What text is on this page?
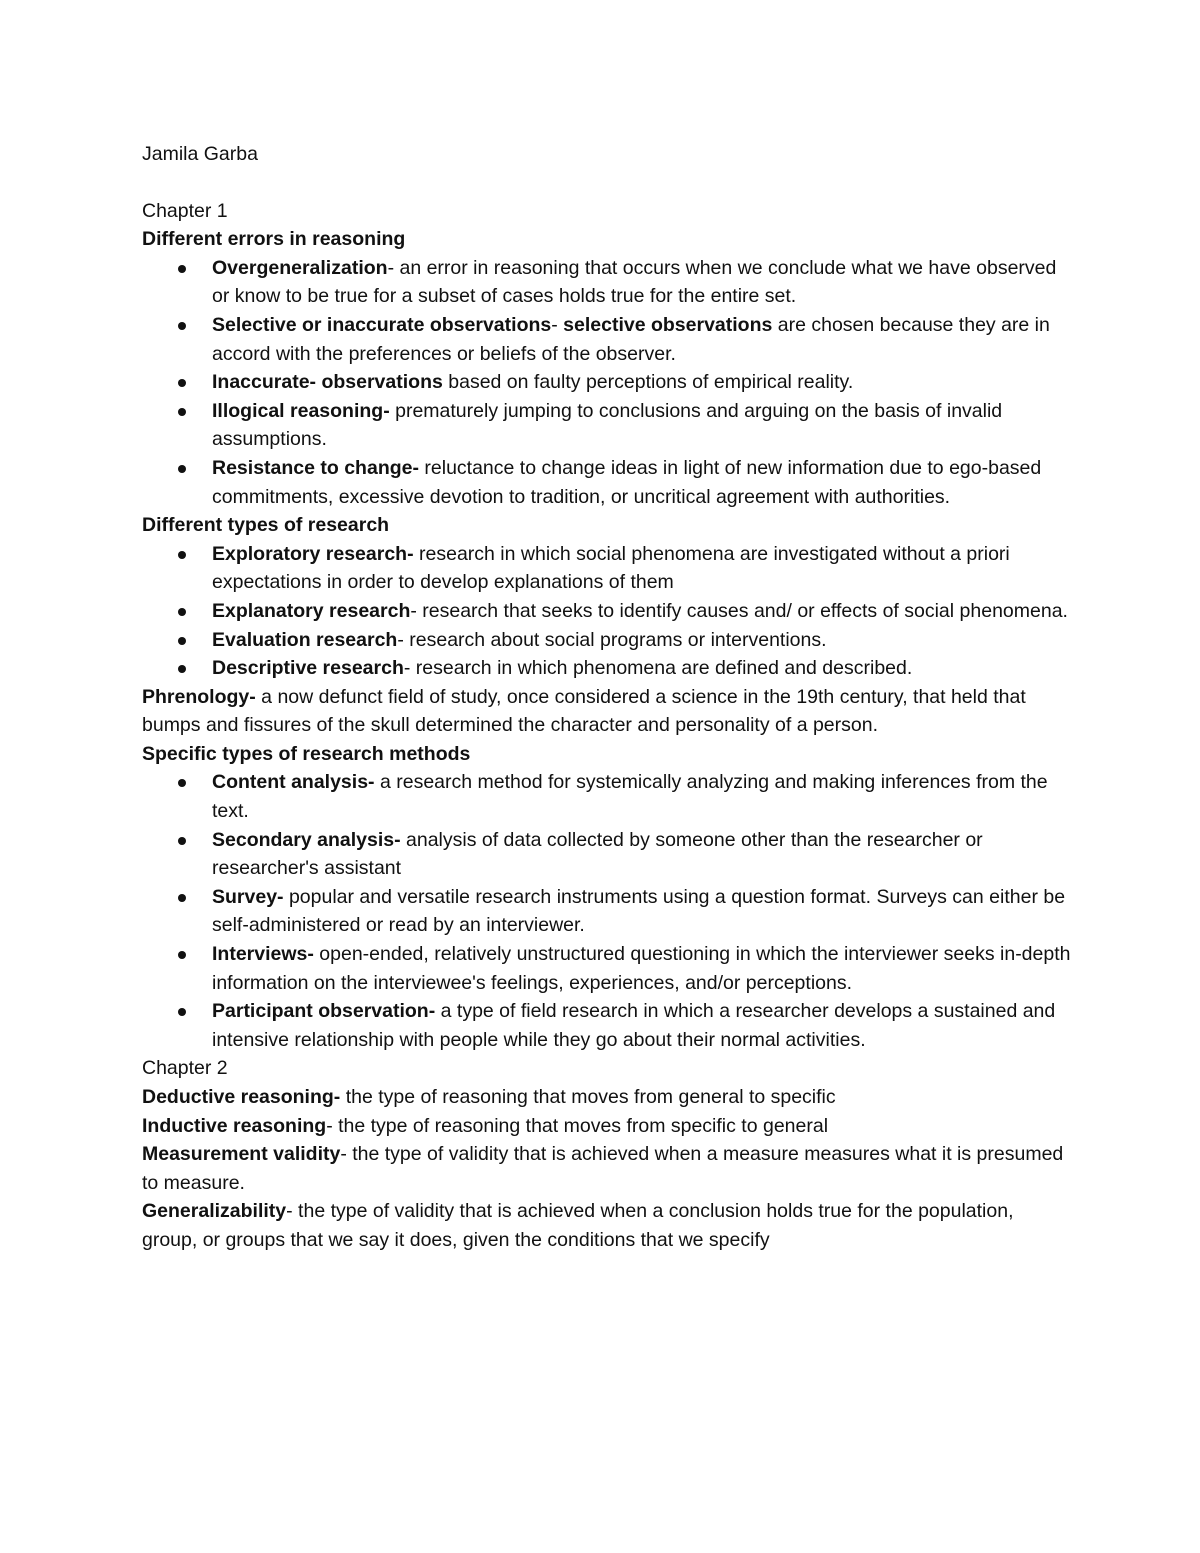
Jamila Garba
Chapter 1
Different errors in reasoning
Overgeneralization- an error in reasoning that occurs when we conclude what we have observed or know to be true for a subset of cases holds true for the entire set.
Selective or inaccurate observations- selective observations are chosen because they are in accord with the preferences or beliefs of the observer.
Inaccurate- observations based on faulty perceptions of empirical reality.
Illogical reasoning- prematurely jumping to conclusions and arguing on the basis of invalid assumptions.
Resistance to change- reluctance to change ideas in light of new information due to ego-based commitments, excessive devotion to tradition, or uncritical agreement with authorities.
Different types of research
Exploratory research- research in which social phenomena are investigated without a priori expectations in order to develop explanations of them
Explanatory research- research that seeks to identify causes and/ or effects of social phenomena.
Evaluation research- research about social programs or interventions.
Descriptive research- research in which phenomena are defined and described.
Phrenology- a now defunct field of study, once considered a science in the 19th century, that held that bumps and fissures of the skull determined the character and personality of a person.
Specific types of research methods
Content analysis- a research method for systemically analyzing and making inferences from the text.
Secondary analysis- analysis of data collected by someone other than the researcher or researcher's assistant
Survey- popular and versatile research instruments using a question format. Surveys can either be self-administered or read by an interviewer.
Interviews- open-ended, relatively unstructured questioning in which the interviewer seeks in-depth information on the interviewee's feelings, experiences, and/or perceptions.
Participant observation- a type of field research in which a researcher develops a sustained and intensive relationship with people while they go about their normal activities.
Chapter 2
Deductive reasoning- the type of reasoning that moves from general to specific
Inductive reasoning- the type of reasoning that moves from specific to general
Measurement validity- the type of validity that is achieved when a measure measures what it is presumed to measure.
Generalizability- the type of validity that is achieved when a conclusion holds true for the population, group, or groups that we say it does, given the conditions that we specify
